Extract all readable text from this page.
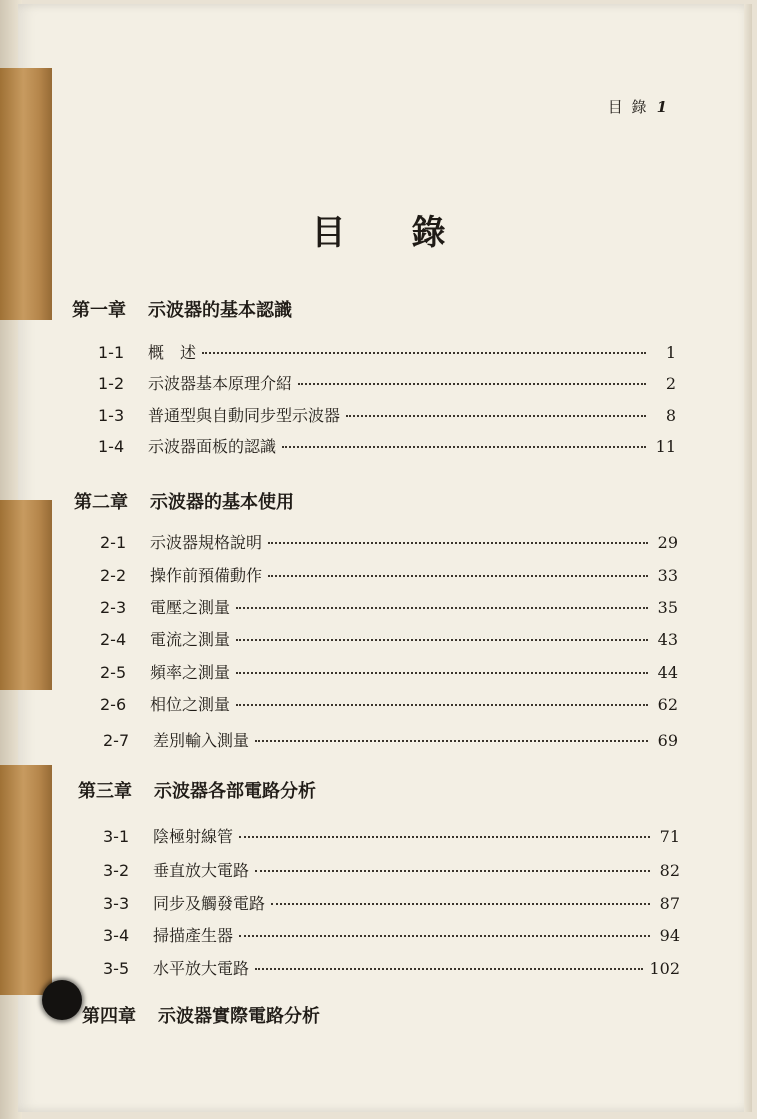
目 錄 1
目 錄
第一章 示波器的基本認識
1-1	概　述	1
1-2	示波器基本原理介紹	2
1-3	普通型與自動同步型示波器	8
1-4	示波器面板的認識	11
第二章 示波器的基本使用
2-1	示波器規格說明	29
2-2	操作前預備動作	33
2-3	電壓之測量	35
2-4	電流之測量	43
2-5	頻率之測量	44
2-6	相位之測量	62
2-7	差別輸入測量	69
第三章 示波器各部電路分析
3-1	陰極射線管	71
3-2	垂直放大電路	82
3-3	同步及觸發電路	87
3-4	掃描產生器	94
3-5	水平放大電路	102
第四章 示波器實際電路分析
